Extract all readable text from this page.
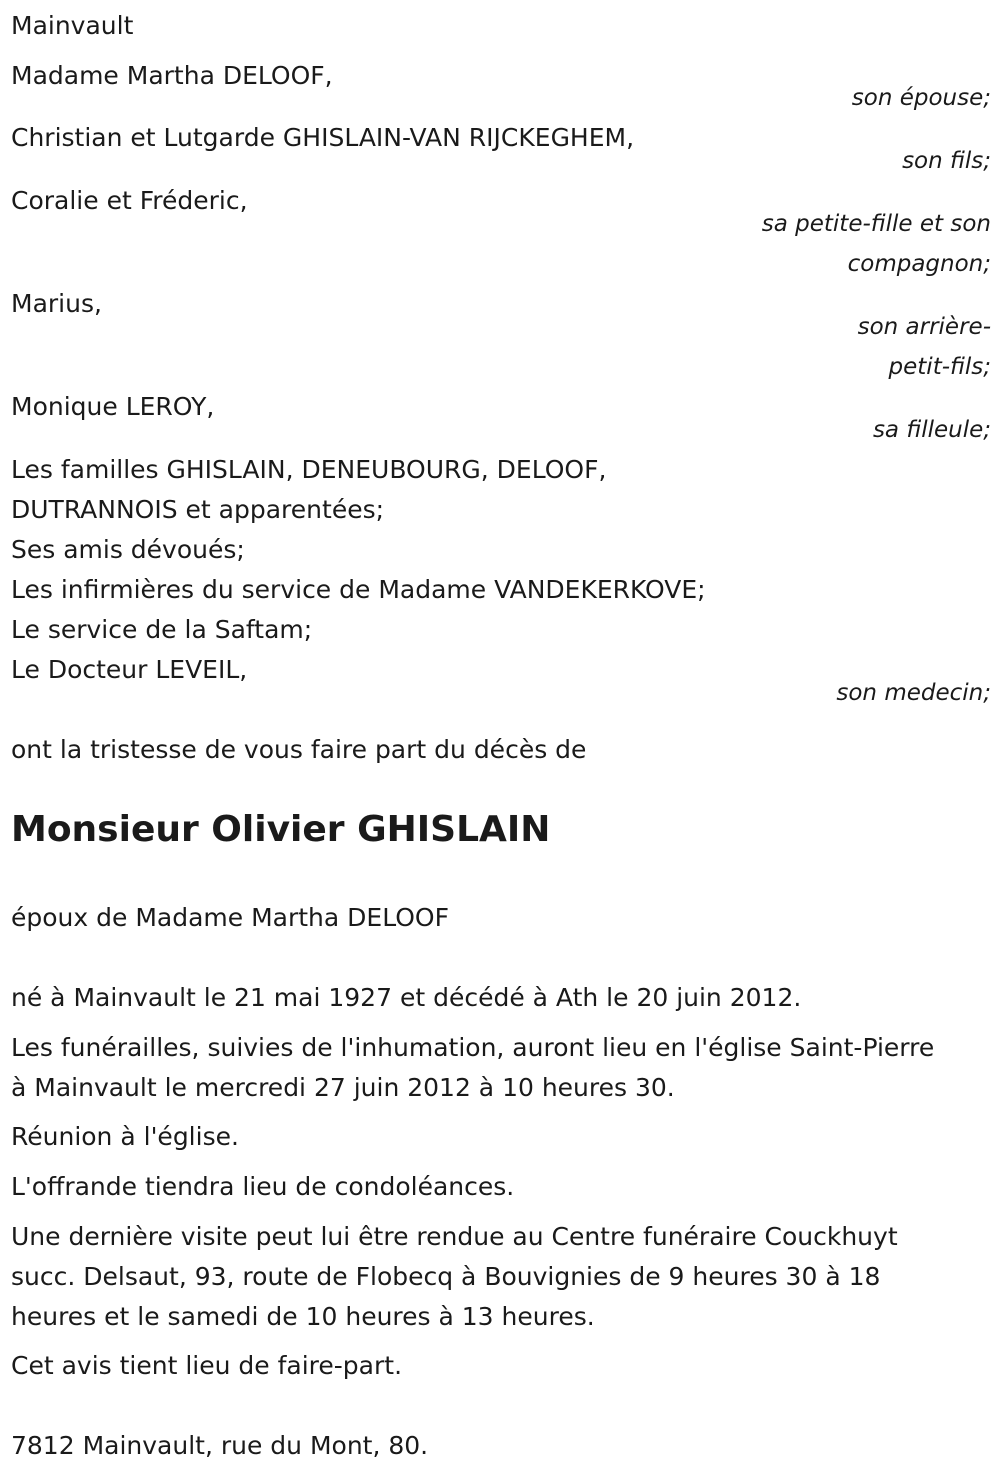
Mainvault
Madame Martha DELOOF,
son épouse;
Christian et Lutgarde GHISLAIN-VAN RIJCKEGHEM,
son fils;
Coralie et Fréderic,
sa petite-fille et son
compagnon;
Marius,
son arrière-
petit-fils;
Monique LEROY,
sa filleule;
Les familles GHISLAIN, DENEUBOURG, DELOOF,
DUTRANNOIS et apparentées;
Ses amis dévoués;
Les infirmières du service de Madame VANDEKERKOVE;
Le service de la Saftam;
Le Docteur LEVEIL,
son medecin;
ont la tristesse de vous faire part du décès de
Monsieur Olivier GHISLAIN
époux de Madame Martha DELOOF
né à Mainvault le 21 mai 1927 et décédé à Ath le 20 juin 2012.
Les funérailles, suivies de l'inhumation, auront lieu en l'église Saint-Pierre
à Mainvault le mercredi 27 juin 2012 à 10 heures 30.
Réunion à l'église.
L'offrande tiendra lieu de condoléances.
Une dernière visite peut lui être rendue au Centre funéraire Couckhuyt
succ. Delsaut, 93, route de Flobecq à Bouvignies de 9 heures 30 à 18
heures et le samedi de 10 heures à 13 heures.
Cet avis tient lieu de faire-part.
7812 Mainvault, rue du Mont, 80.
